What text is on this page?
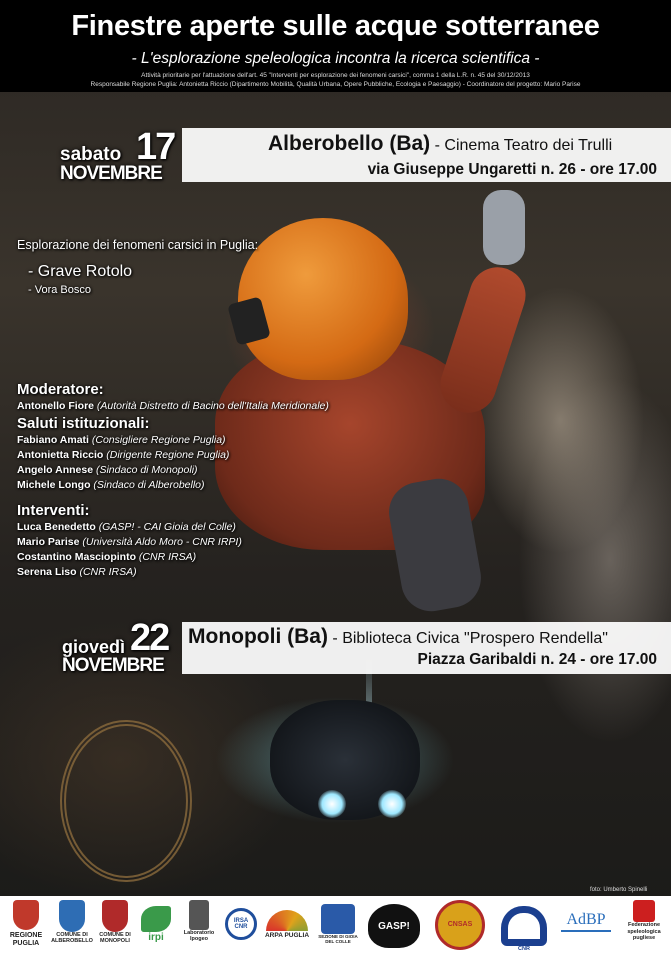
Finestre aperte sulle acque sotterranee
- L'esplorazione speleologica incontra la ricerca scientifica -
Attività prioritarie per l'attuazione dell'art. 45 "Interventi per esplorazione dei fenomeni carsici", comma 1 della L.R. n. 45 del 30/12/2013
Responsabile Regione Puglia: Antonietta Riccio (Dipartimento Mobilità, Qualità Urbana, Opere Pubbliche, Ecologia e Paesaggio) - Coordinatore del progetto: Mario Parise
sabato 17
NOVEMBRE
Alberobello (Ba) - Cinema Teatro dei Trulli
via Giuseppe Ungaretti n. 26 - ore 17.00
Esplorazione dei fenomeni carsici in Puglia:
- Grave Rotolo
- Vora Bosco
Moderatore:
Antonello Fiore (Autorità Distretto di Bacino dell'Italia Meridionale)
Saluti istituzionali:
Fabiano Amati (Consigliere Regione Puglia)
Antonietta Riccio (Dirigente Regione Puglia)
Angelo Annese (Sindaco di Monopoli)
Michele Longo (Sindaco di Alberobello)
Interventi:
Luca Benedetto (GASP! - CAI Gioia del Colle)
Mario Parise (Università Aldo Moro - CNR IRPI)
Costantino Masciopinto (CNR IRSA)
Serena Liso (CNR IRSA)
giovedì 22
NOVEMBRE
Monopoli (Ba) - Biblioteca Civica "Prospero Rendella"
Piazza Garibaldi n. 24 - ore 17.00
foto: Umberto Spinelli
REGIONE PUGLIA
COMUNE DI ALBEROBELLO
COMUNE DI MONOPOLI	irpi	Laboratorio Ipogeo
IRSA CNR
ARPA PUGLIA	SEZIONE DI GIOIA DEL COLLE
GASP!	CNSAS
CNR
AdBP	Federazione speleologica pugliese
